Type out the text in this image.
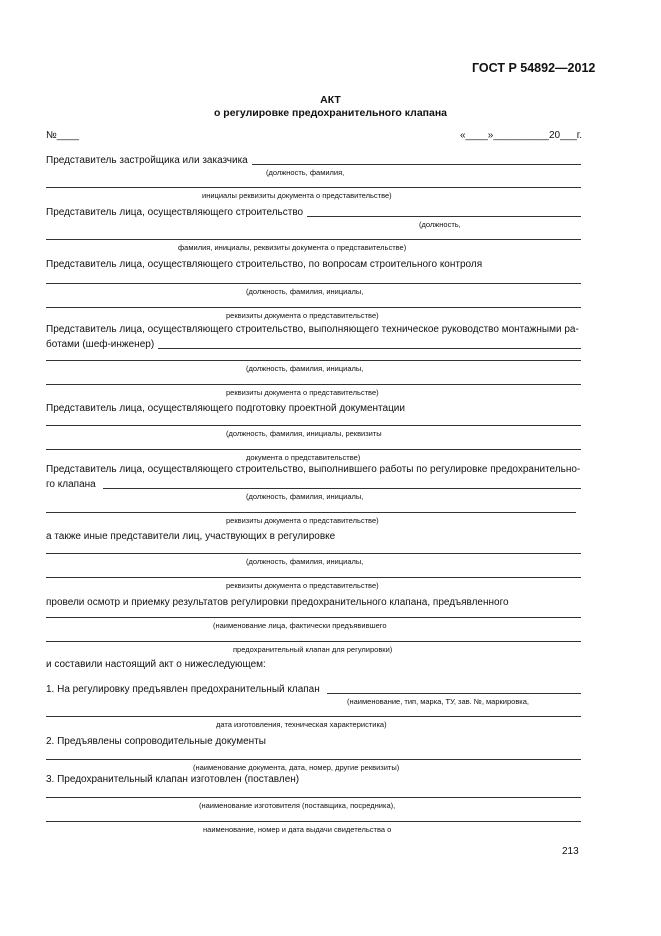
ГОСТ Р 54892—2012
АКТ
о регулировке предохранительного клапана
№____	«____»__________20___г.
Представитель застройщика или заказчика
(должность, фамилия,
инициалы реквизиты документа о представительстве)
Представитель лица, осуществляющего строительство
(должность,
фамилия, инициалы, реквизиты документа о представительстве)
Представитель лица, осуществляющего строительство, по вопросам строительного контроля
(должность, фамилия, инициалы,
реквизиты документа о представительстве)
Представитель лица, осуществляющего строительство, выполняющего техническое руководство монтажными ра-
ботами (шеф-инженер)
(должность, фамилия, инициалы,
реквизиты документа о представительстве)
Представитель лица, осуществляющего подготовку проектной документации
(должность, фамилия, инициалы, реквизиты
документа о представительстве)
Представитель лица, осуществляющего строительство, выполнившего работы по регулировке предохранительно-
го клапана
(должность, фамилия, инициалы,
реквизиты документа о представительстве)
а также иные представители лиц, участвующих в регулировке
(должность, фамилия, инициалы,
реквизиты документа о представительстве)
провели осмотр и приемку результатов регулировки предохранительного клапана, предъявленного
(наименование лица, фактически предъявившего
предохранительный клапан для регулировки)
и составили настоящий акт о нижеследующем:
1. На регулировку предъявлен предохранительный клапан
(наименование, тип, марка, ТУ, зав. №, маркировка,
дата изготовления, техническая характеристика)
2. Предъявлены сопроводительные документы
(наименование документа, дата, номер, другие реквизиты)
3. Предохранительный клапан изготовлен (поставлен)
(наименование изготовителя (поставщика, посредника),
наименование, номер и дата выдачи свидетельства о
213
